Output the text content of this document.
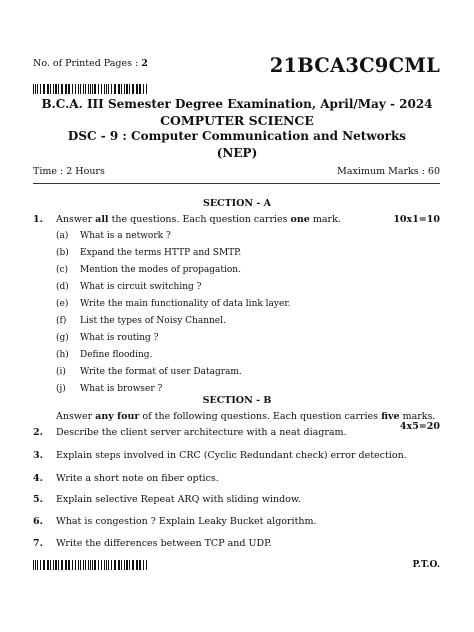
No. of Printed Pages : 2	21BCA3C9CML
B.C.A. III Semester Degree Examination, April/May - 2024
COMPUTER SCIENCE
DSC - 9 : Computer Communication and Networks
(NEP)
Time : 2 Hours	Maximum Marks : 60
SECTION - A
1. Answer all the questions. Each question carries one mark.	10x1=10
(a) What is a network ?
(b) Expand the terms HTTP and SMTP.
(c) Mention the modes of propagation.
(d) What is circuit switching ?
(e) Write the main functionality of data link layer.
(f) List the types of Noisy Channel.
(g) What is routing ?
(h) Define flooding.
(i) Write the format of user Datagram.
(j) What is browser ?
SECTION - B
Answer any four of the following questions. Each question carries five marks.
4x5=20
2. Describe the client server architecture with a neat diagram.
3. Explain steps involved in CRC (Cyclic Redundant check) error detection.
4. Write a short note on fiber optics.
5. Explain selective Repeat ARQ with sliding window.
6. What is congestion ? Explain Leaky Bucket algorithm.
7. Write the differences between TCP and UDP.
P.T.O.
